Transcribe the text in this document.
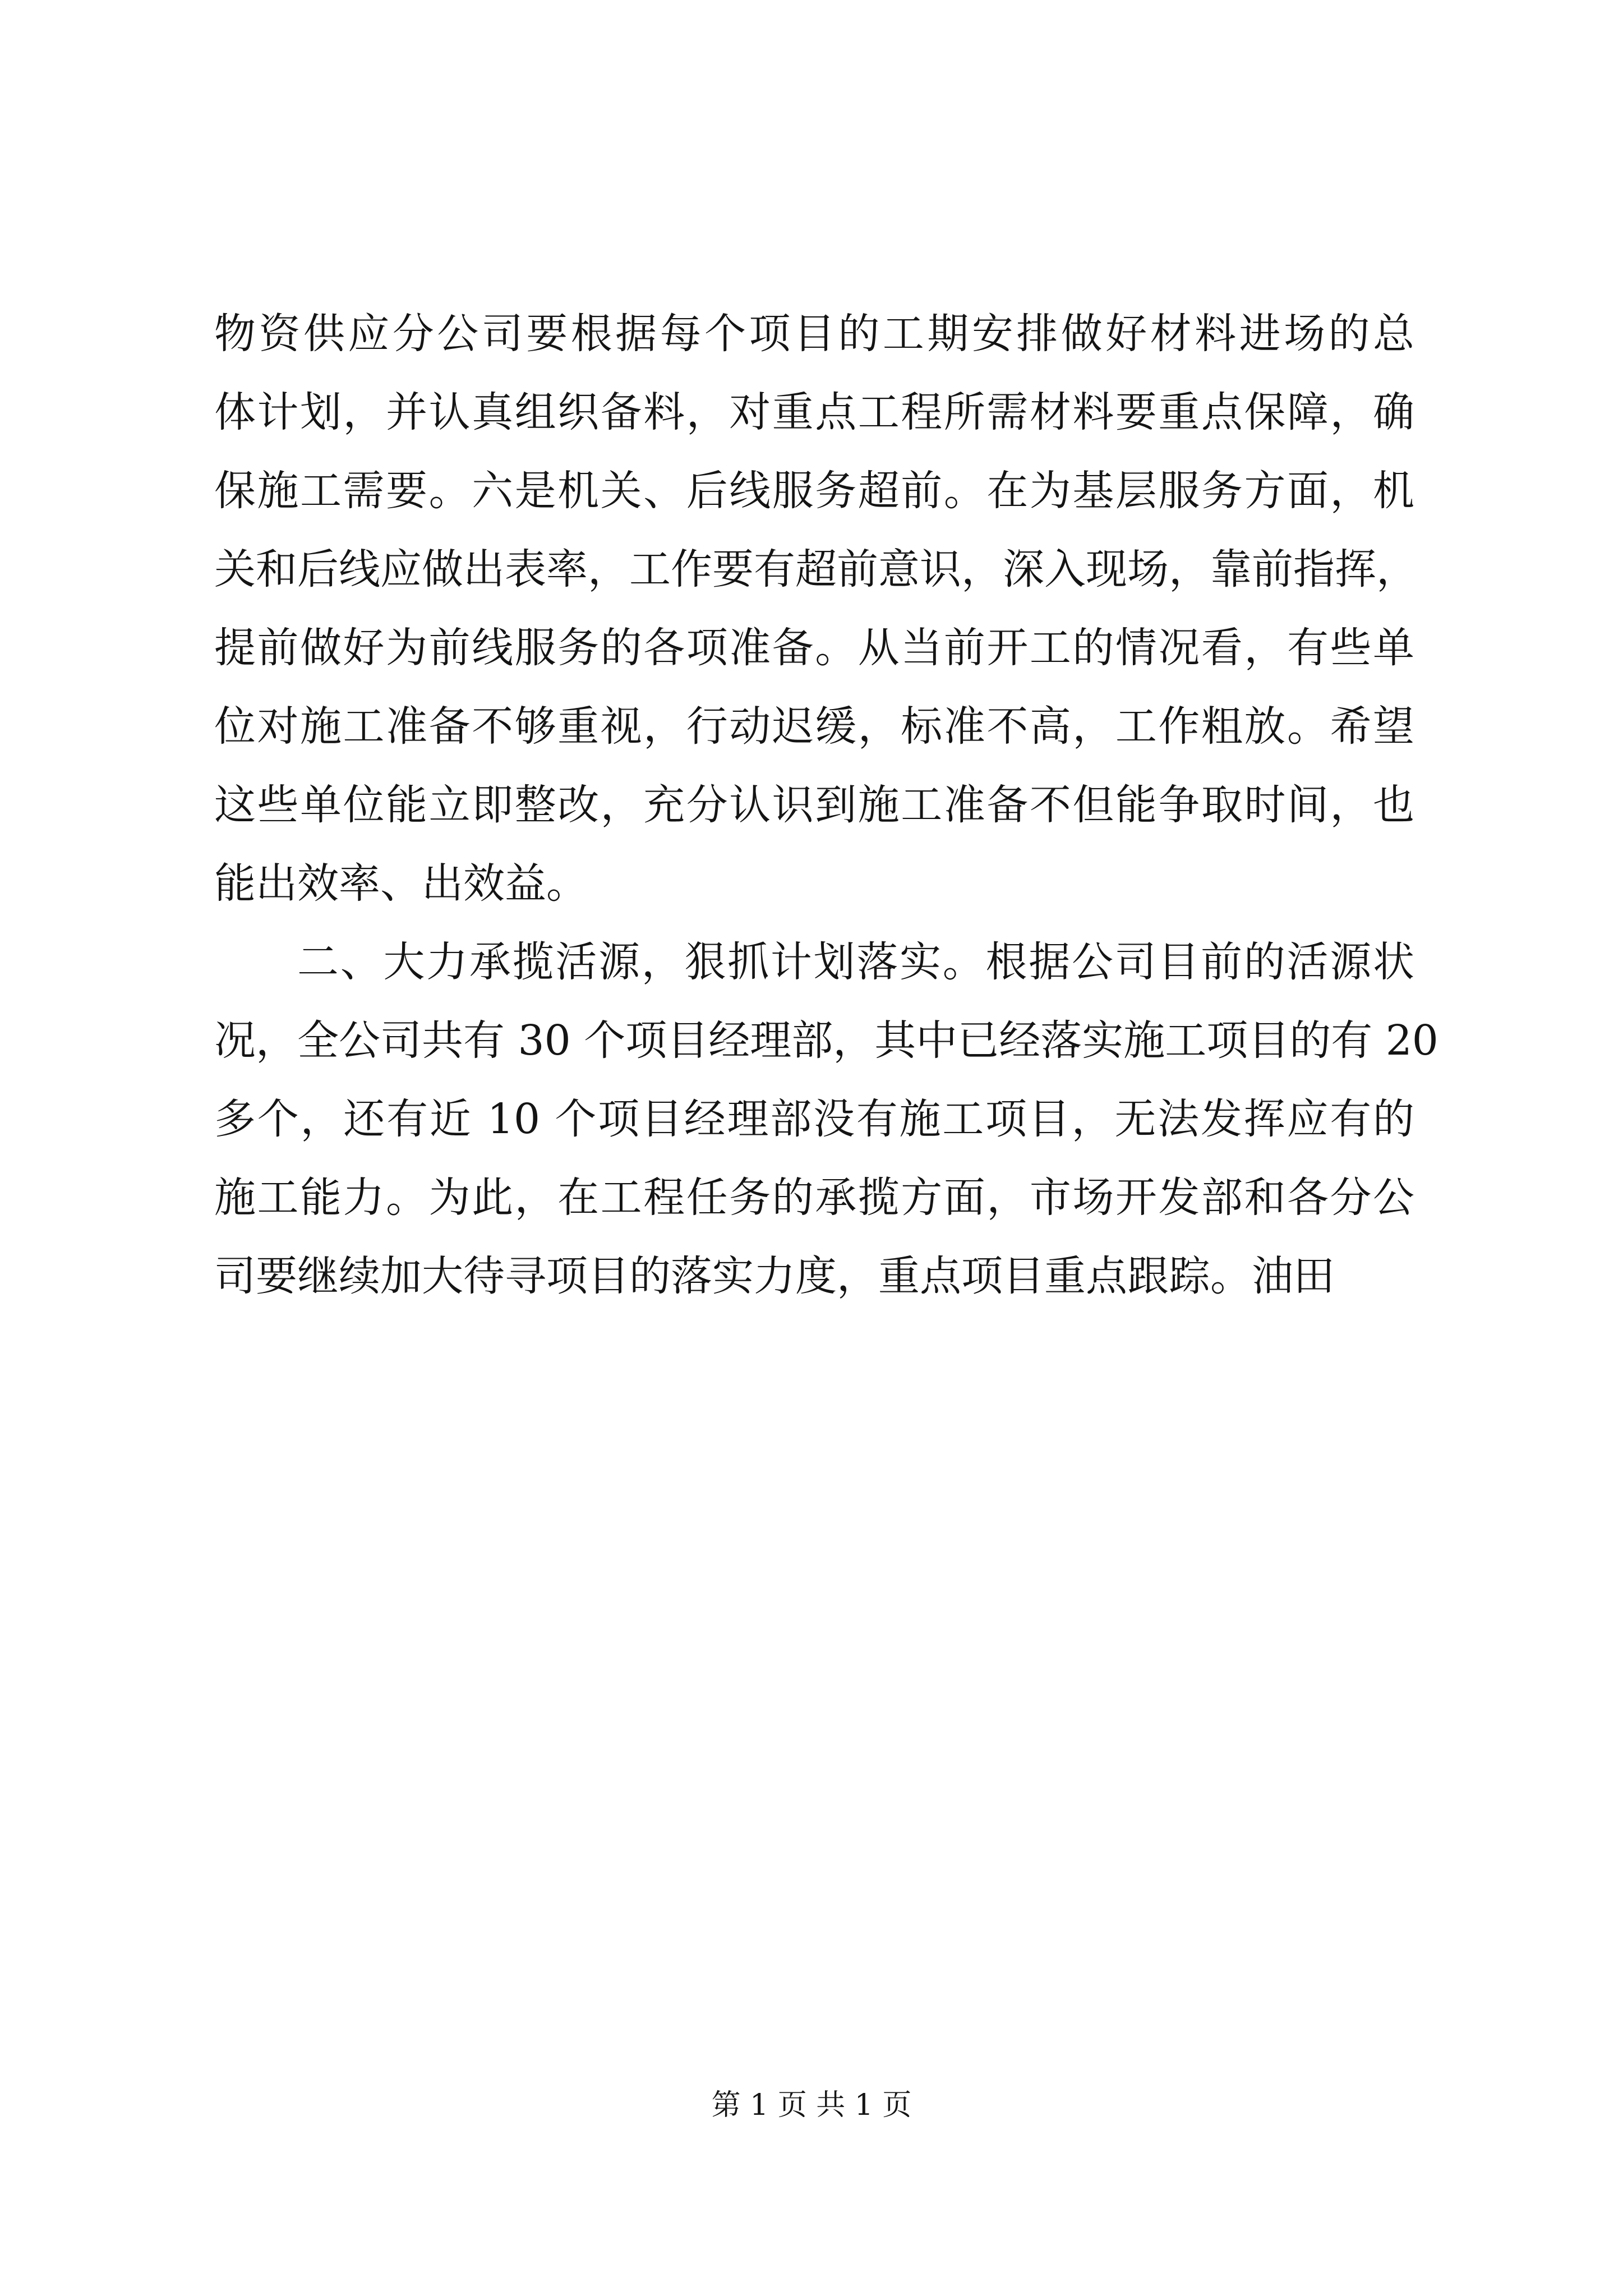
物资供应分公司要根据每个项目的工期安排做好材料进场的总
体计划，并认真组织备料，对重点工程所需材料要重点保障，确
保施工需要。六是机关、后线服务超前。在为基层服务方面，机
关和后线应做出表率，工作要有超前意识，深入现场，靠前指挥，
提前做好为前线服务的各项准备。从当前开工的情况看，有些单
位对施工准备不够重视，行动迟缓，标准不高，工作粗放。希望
这些单位能立即整改，充分认识到施工准备不但能争取时间，也
能出效率、出效益。
二、大力承揽活源，狠抓计划落实。根据公司目前的活源状
况，全公司共有 30 个项目经理部，其中已经落实施工项目的有 20
多个，还有近 10 个项目经理部没有施工项目，无法发挥应有的
施工能力。为此，在工程任务的承揽方面，市场开发部和各分公
司要继续加大待寻项目的落实力度，重点项目重点跟踪。油田
第 1 页 共 1 页
